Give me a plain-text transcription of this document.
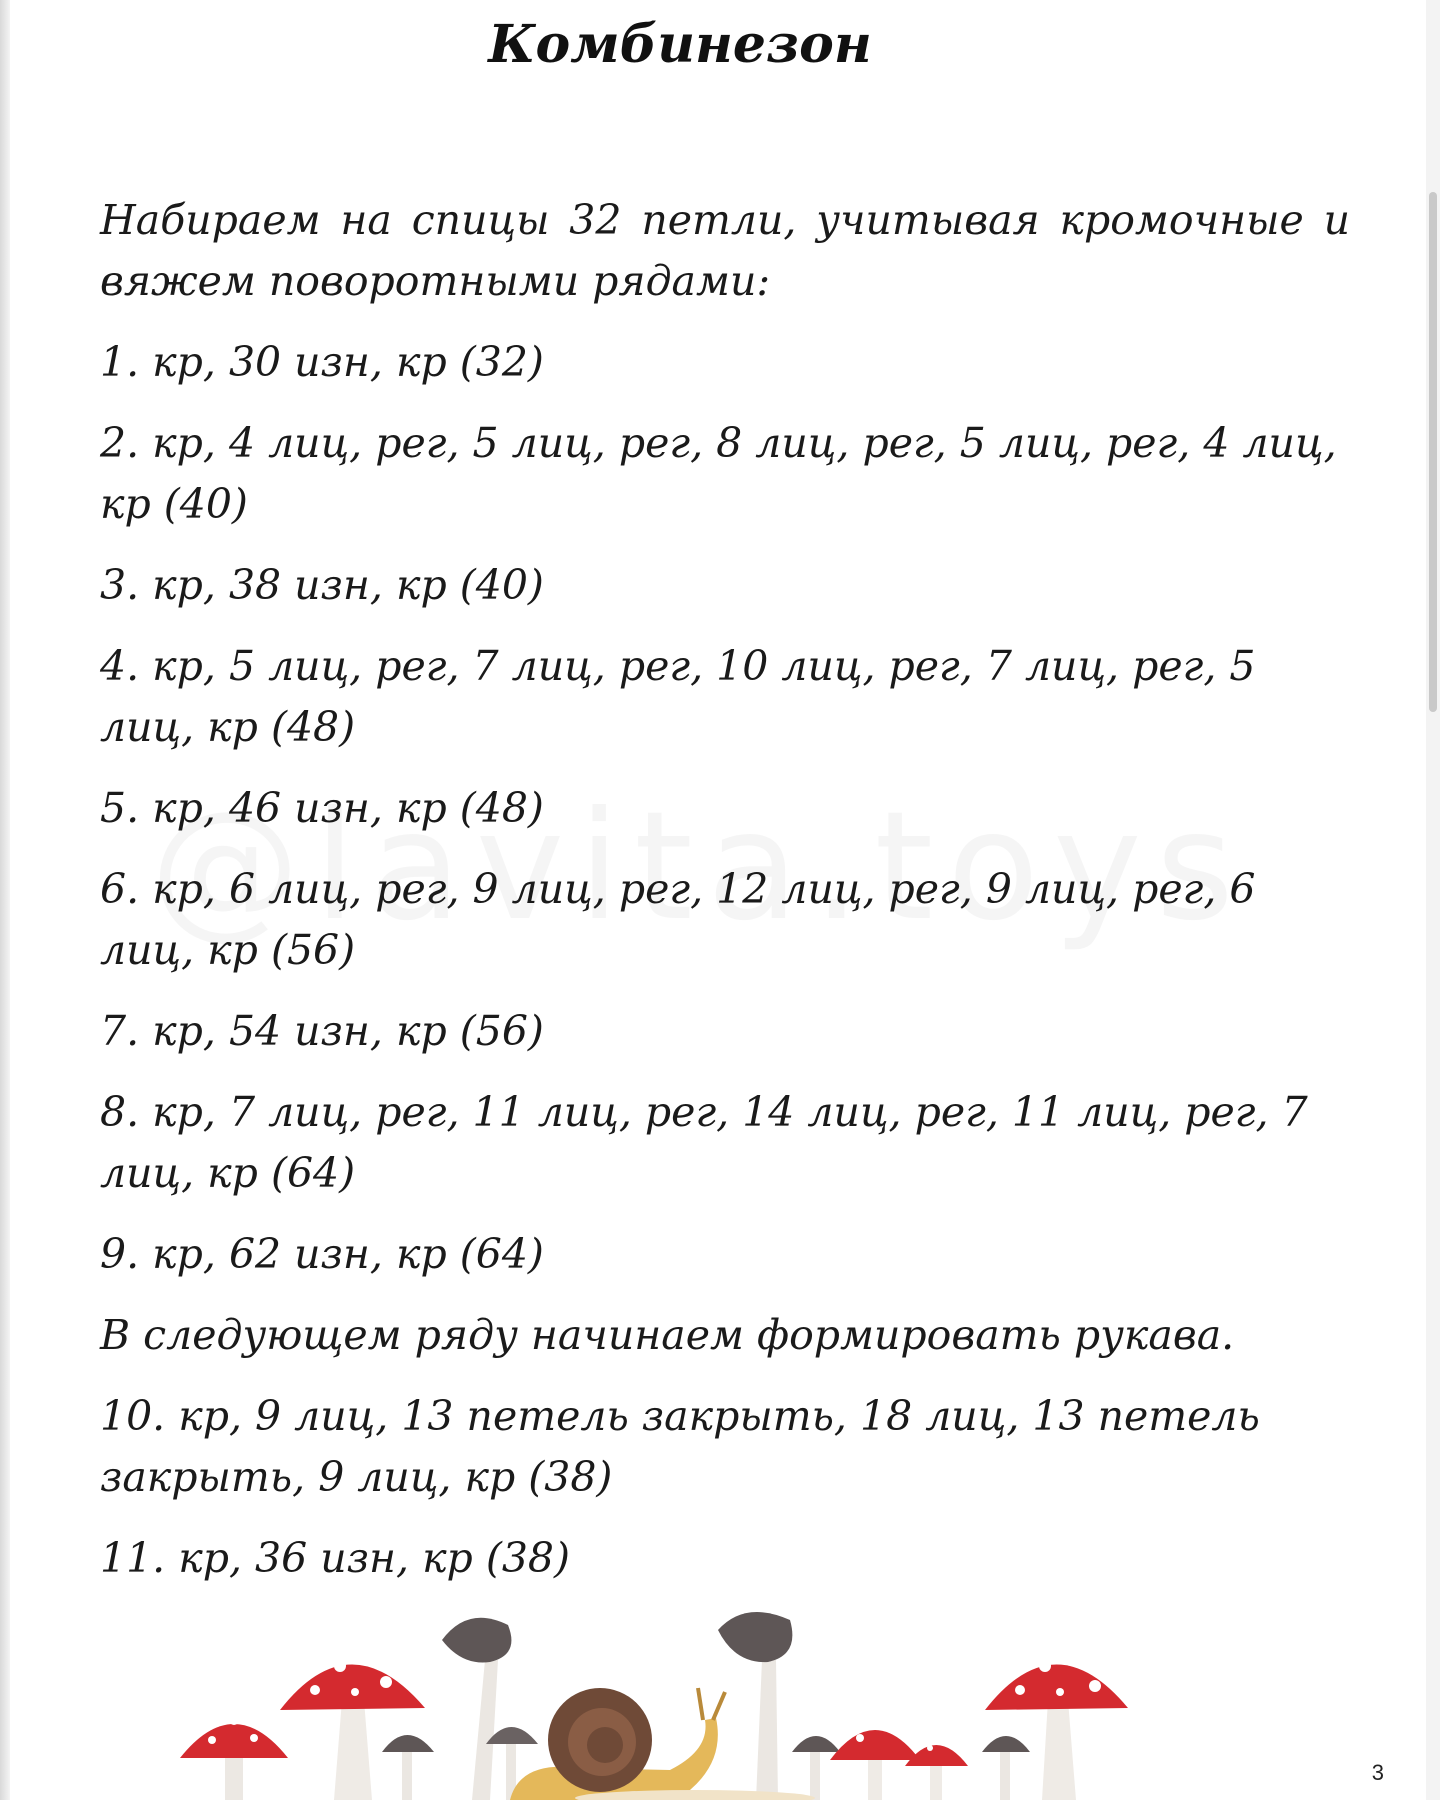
Комбинезон

Набираем на спицы 32 петли, учитывая кромочные и вяжем поворотными рядами:

1. кр, 30 изн, кр (32)

2. кр, 4 лиц, рег, 5 лиц, рег, 8 лиц, рег, 5 лиц, рег, 4 лиц, кр (40)

3. кр, 38 изн, кр (40)

4. кр, 5 лиц, рег, 7 лиц, рег, 10 лиц, рег, 7 лиц, рег, 5 лиц, кр (48)

5. кр, 46 изн, кр (48)

6. кр, 6 лиц, рег, 9 лиц, рег, 12 лиц, рег, 9 лиц, рег, 6 лиц, кр (56)

7. кр, 54 изн, кр (56)

8. кр, 7 лиц, рег, 11 лиц, рег, 14 лиц, рег, 11 лиц, рег, 7 лиц, кр (64)

9. кр, 62 изн, кр (64)

В следующем ряду начинаем формировать рукава.

10. кр, 9 лиц, 13 петель закрыть, 18 лиц, 13 петель закрыть, 9 лиц, кр (38)

11. кр, 36 изн, кр (38)

3
